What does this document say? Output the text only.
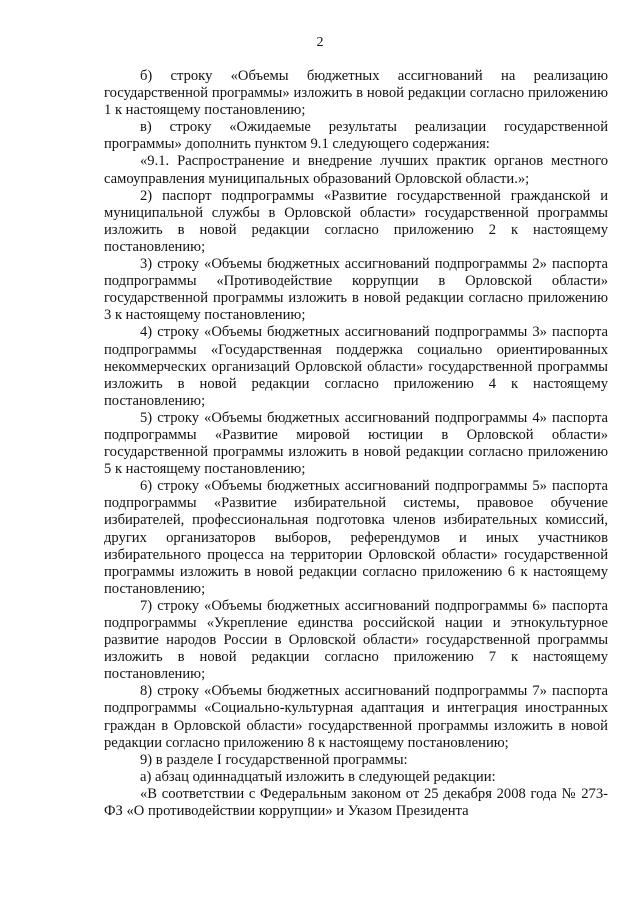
2

б) строку «Объемы бюджетных ассигнований на реализацию государственной программы» изложить в новой редакции согласно приложению 1 к настоящему постановлению;

в) строку «Ожидаемые результаты реализации государственной программы» дополнить пунктом 9.1 следующего содержания:

«9.1. Распространение и внедрение лучших практик органов местного самоуправления муниципальных образований Орловской области.»;

2) паспорт подпрограммы «Развитие государственной гражданской и муниципальной службы в Орловской области» государственной программы изложить в новой редакции согласно приложению 2 к настоящему постановлению;

3) строку «Объемы бюджетных ассигнований подпрограммы 2» паспорта подпрограммы «Противодействие коррупции в Орловской области» государственной программы изложить в новой редакции согласно приложению 3 к настоящему постановлению;

4) строку «Объемы бюджетных ассигнований подпрограммы 3» паспорта подпрограммы «Государственная поддержка социально ориентированных некоммерческих организаций Орловской области» государственной программы изложить в новой редакции согласно приложению 4 к настоящему постановлению;

5) строку «Объемы бюджетных ассигнований подпрограммы 4» паспорта подпрограммы «Развитие мировой юстиции в Орловской области» государственной программы изложить в новой редакции согласно приложению 5 к настоящему постановлению;

6) строку «Объемы бюджетных ассигнований подпрограммы 5» паспорта подпрограммы «Развитие избирательной системы, правовое обучение избирателей, профессиональная подготовка членов избирательных комиссий, других организаторов выборов, референдумов и иных участников избирательного процесса на территории Орловской области» государственной программы изложить в новой редакции согласно приложению 6 к настоящему постановлению;

7) строку «Объемы бюджетных ассигнований подпрограммы 6» паспорта подпрограммы «Укрепление единства российской нации и этнокультурное развитие народов России в Орловской области» государственной программы изложить в новой редакции согласно приложению 7 к настоящему постановлению;

8) строку «Объемы бюджетных ассигнований подпрограммы 7» паспорта подпрограммы «Социально-культурная адаптация и интеграция иностранных граждан в Орловской области» государственной программы изложить в новой редакции согласно приложению 8 к настоящему постановлению;

9) в разделе I государственной программы:

а) абзац одиннадцатый изложить в следующей редакции:

«В соответствии с Федеральным законом от 25 декабря 2008 года № 273-ФЗ «О противодействии коррупции» и Указом Президента
